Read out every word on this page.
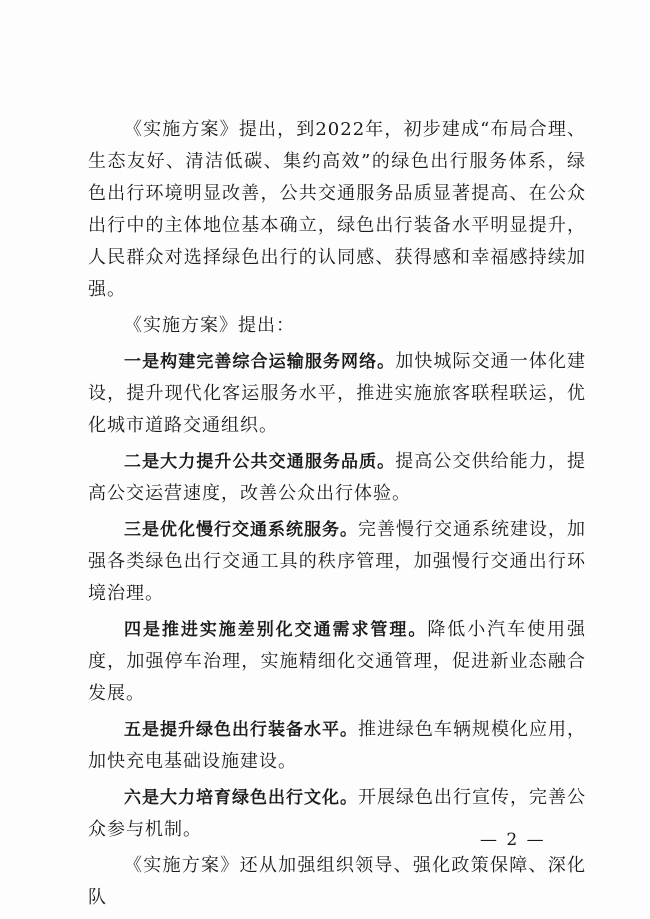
《实施方案》提出，到2022年，初步建成“布局合理、生态友好、清洁低碳、集约高效”的绿色出行服务体系，绿色出行环境明显改善，公共交通服务品质显著提高、在公众出行中的主体地位基本确立，绿色出行装备水平明显提升，人民群众对选择绿色出行的认同感、获得感和幸福感持续加强。

《实施方案》提出：

一是构建完善综合运输服务网络。加快城际交通一体化建设，提升现代化客运服务水平，推进实施旅客联程联运，优化城市道路交通组织。

二是大力提升公共交通服务品质。提高公交供给能力，提高公交运营速度，改善公众出行体验。

三是优化慢行交通系统服务。完善慢行交通系统建设，加强各类绿色出行交通工具的秩序管理，加强慢行交通出行环境治理。

四是推进实施差别化交通需求管理。降低小汽车使用强度，加强停车治理，实施精细化交通管理，促进新业态融合发展。

五是提升绿色出行装备水平。推进绿色车辆规模化应用，加快充电基础设施建设。

六是大力培育绿色出行文化。开展绿色出行宣传，完善公众参与机制。

《实施方案》还从加强组织领导、强化政策保障、深化队

— 2 —
